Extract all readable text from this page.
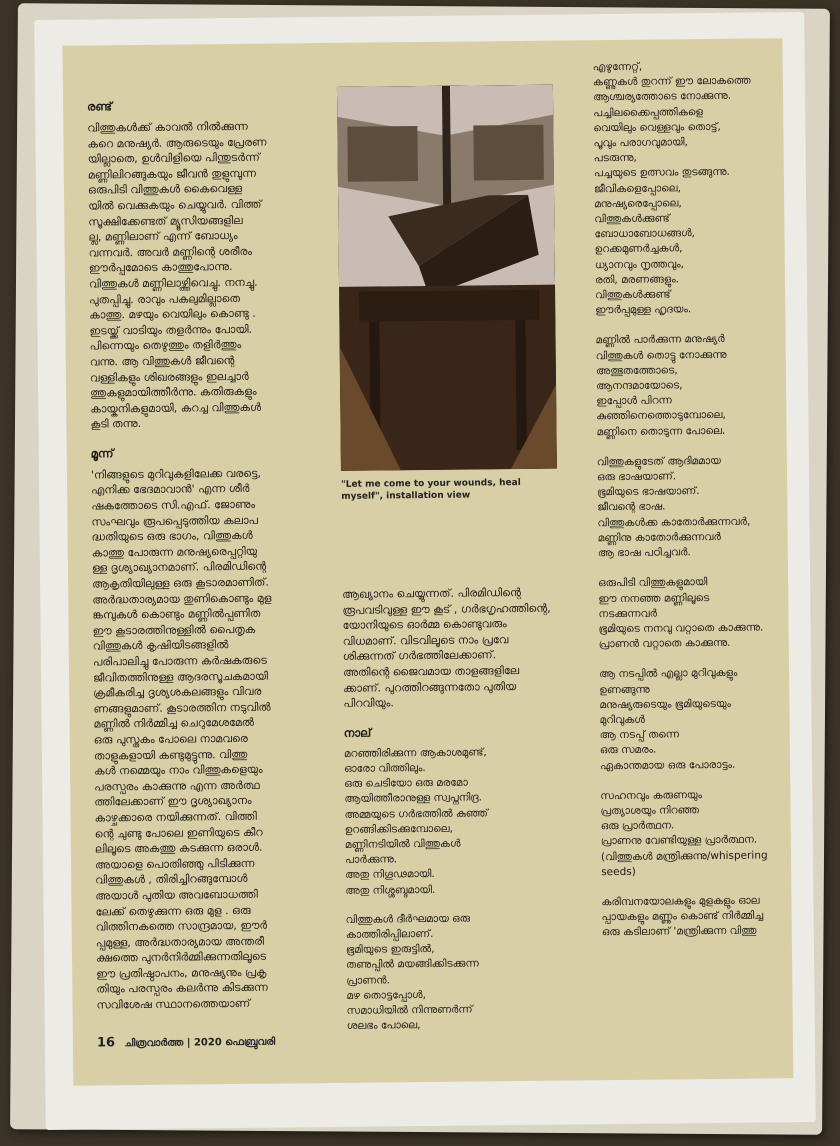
രണ്ട്

വിത്തുകൾക്ക് കാവൽ നിൽക്കുന്ന
കറെ മനുഷ്യർ. ആരുടെയും പ്രേരണ
യില്ലാതെ, ഉൾവിളിയെ പിന്തുടർന്ന്
മണ്ണിലിറങ്ങുകയും ജീവൻ തുളുമ്പുന്ന
ഒരുപിടി വിത്തുകൾ കൈവെള്ള
യിൽ വെക്കുകയും ചെയ്യുവർ. വിത്ത്
സൂക്ഷിക്കേണ്ടത് മ്യൂസിയങ്ങളില
ല്ല, മണ്ണിലാണ് എന്ന് ബോധ്യം
വന്നവർ. അവർ മണ്ണിന്റെ ശരീരം
ഈർപ്പമോടെ കാത്തുപോന്നു.
വിത്തുകൾ മണ്ണിലാഴ്ത്തിവെച്ചു. നനച്ചു.
പുതപ്പിച്ചു. രാവും പകലുമില്ലാതെ
കാത്തു. മഴയും വെയിലും കൊണ്ടു .
ഇടയ്ക്ക് വാടിയും തളർന്നും പോയി.
പിന്നെയും തെഴുത്തും തളിർത്തും
വന്നു. ആ വിത്തുകൾ ജീവന്റെ
വള്ളികളും ശിഖരങ്ങളും ഇലച്ചാർ
ത്തുകളുമായിത്തീർന്നു. കതിരുകളും
കായ്കനികളുമായി, കറച്ച വിത്തുകൾ
കൂടി തന്നു.

മൂന്ന്

'നിങ്ങളുടെ മുറിവുകളിലേക്ക വരട്ടെ,
എനിക്ക ഭേദമാവാൻ' എന്ന ശീർ
ഷകത്തോടെ സി.എഫ്. ജോണും
സംഘവും രൂപപ്പെടുത്തിയ കലാപ
ദ്ധതിയുടെ ഒരു ഭാഗം, വിത്തുകൾ
കാത്തു പോരുന്ന മനുഷ്യരെപ്പറ്റിയു
ള്ള ദൃശ്യാഖ്യാനമാണ്. പിരമിഡിന്റെ
ആകൃതിയിലുള്ള ഒരു കൂടാരമാണിത്.
അർദ്ധതാര്യമായ തുണികൊണ്ടും മുള
ങ്കമ്പുകൾ കൊണ്ടും മണ്ണിൽപ്പണിത
ഈ കൂടാരത്തിനുള്ളിൽ പൈതൃക
വിത്തുകൾ കൃഷിയിടങ്ങളിൽ
പരിപാലിച്ചു പോരുന്ന കർഷകരുടെ
ജീവിതത്തിനുള്ള ആദരസൂചകമായി
ക്രമീകരിച്ച ദൃശ്യശകലങ്ങളും വിവര
ണങ്ങളുമാണ്. കൂടാരത്തിന നടുവിൽ
മണ്ണിൽ നിർമ്മിച്ച ചെറുമേശമേൽ
ഒരു പുസ്തകം പോലെ നാമവരെ
താളുകളായി കണ്ടുമുട്ടുന്നു. വിത്തു
കൾ നമ്മെയും നാം വിത്തുകളെയും
പരസ്പരം കാക്കുന്നു എന്ന അർത്ഥ
ത്തിലേക്കാണ് ഈ ദൃശ്യാഖ്യാനം
കാഴ്ചക്കാരെ നയിക്കുന്നത്. വിത്തി
ന്റെ ചുണ്ടു പോലെ ഇണിയുടെ കീറ
ലിലൂടെ അകത്തു കടക്കുന്ന ഒരാൾ.
അയാളെ പൊതിഞ്ഞു പിടിക്കുന്ന
വിത്തുകൾ , തിരിച്ചിറങ്ങുമ്പോൾ
അയാൾ പുതിയ അവബോധത്തി
ലേക്ക് തെഴുക്കുന്ന ഒരു മുള . ഒരു
വിത്തിനകത്തെ സാന്ദ്രമായ, ഈർ
പ്പമുള്ള, അർദ്ധതാര്യമായ അന്തരീ
ക്ഷത്തെ പുനർനിർമ്മിക്കുന്നതിലൂടെ
ഈ പ്രതിഷ്ഠാപനം, മനുഷ്യനും പ്രകൃ
തിയും പരസ്പരം കലർന്നു കിടക്കുന്ന
സവിശേഷ സ്ഥാനത്തെയാണ്

"Let me come to your wounds, heal myself", installation view

ആഖ്യാനം ചെയ്യുന്നത്. പിരമിഡിന്റെ
രൂപവടിവുള്ള ഈ കൂട് , ഗർഭഗൃഹത്തിന്റെ,
യോനിയുടെ ഓർമ്മ കൊണ്ടുവരും
വിധമാണ്. വിടവിലൂടെ നാം പ്രവേ
ശിക്കുന്നത് ഗർഭത്തിലേക്കാണ്.
അതിന്റെ ജൈവമായ താളങ്ങളിലേ
ക്കാണ്. പുറത്തിറങ്ങുന്നതോ പുതിയ
പിറവിയും.

നാല്

മറഞ്ഞിരിക്കുന്ന ആകാശമുണ്ട്,
ഓരോ വിത്തിലും.
ഒരു ചെടിയോ ഒരു മരമോ
ആയിത്തീരാനുള്ള സ്വപ്നനിദ്ര.
അമ്മയുടെ ഗർഭത്തിൽ കുഞ്ഞ്
ഉറങ്ങിക്കിടക്കുമ്പോലെ,
മണ്ണിനടിയിൽ വിത്തുകൾ
പാർക്കുന്നു.
അതു നിഗൂഢമായി.
അതു നിശ്ശബ്ദമായി.

വിത്തുകൾ ദീർഘമായ ഒരു
കാത്തിരിപ്പിലാണ്.
ഭൂമിയുടെ ഇരുട്ടിൽ,
തണുപ്പിൽ മയങ്ങിക്കിടക്കുന്ന
പ്രാണൻ.
മഴ തൊട്ടപ്പോൾ,
സമാധിയിൽ നിന്നുണർന്ന്
ശലഭം പോലെ,

എഴുന്നേറ്റ്,
കണ്ണുകൾ തുറന്ന് ഈ ലോകത്തെ
ആശ്ചര്യത്തോടെ നോക്കുന്നു.
പച്ചിലക്കൈപ്പത്തികളെ
വെയിലും വെള്ളവും തൊട്ട്,
പൂവും പരാഗവുമായി,
പടരുന്നു,
പച്ചയുടെ ഉത്സവം തുടങ്ങുന്നു.
ജീവികളെപ്പോലെ,
മനുഷ്യരെപ്പോലെ,
വിത്തുകൾക്കുണ്ട്
ബോധാബോധങ്ങൾ,
ഉറക്കമുണർച്ചകൾ,
ധ്യാനവും നൃത്തവും,
രതി, മരണങ്ങളും.
വിത്തുകൾക്കുണ്ട്
ഈർപ്പമുള്ള ഹൃദയം.

മണ്ണിൽ പാർക്കുന്ന മനുഷ്യർ
വിത്തുകൾ തൊട്ടു നോക്കുന്നു
അത്ഭുതത്തോടെ,
ആനന്ദമായോടെ,
ഇപ്പോൾ പിറന്ന
കുഞ്ഞിനെത്തൊടുമ്പോലെ,
മണ്ണിനെ തൊടുന്ന പോലെ.

വിത്തുകളുടേത് ആദിമമായ
ഒരു ഭാഷയാണ്.
ഭൂമിയുടെ ഭാഷയാണ്.
ജീവന്റെ ഭാഷ.
വിത്തുകൾക്ക കാതോർക്കുന്നവർ,
മണ്ണിനു കാതോർക്കുന്നവർ
ആ ഭാഷ പഠിച്ചവർ.

ഒരുപിടി വിത്തുകളുമായി
ഈ നനഞ്ഞ മണ്ണിലൂടെ
നടക്കുന്നവർ
ഭൂമിയുടെ നനവു വറ്റാതെ കാക്കുന്നു.
പ്രാണൻ വറ്റാതെ കാക്കുന്നു.

ആ നടപ്പിൽ എല്ലാ മുറിവുകളും
ഉണങ്ങുന്നു
മനുഷ്യരുടെയും ഭൂമിയുടെയും
മുറിവുകൾ
ആ നടപ്പ് തന്നെ
ഒരു സമരം.
ഏകാന്തമായ ഒരു പോരാട്ടം.

സഹനവും കരുണയും
പ്രത്യാശയും നിറഞ്ഞ
ഒരു പ്രാർത്ഥന.
പ്രാണനു വേണ്ടിയുള്ള പ്രാർത്ഥന.
(വിത്തുകൾ മന്ത്രിക്കുന്നു/whispering
seeds)

കരിമ്പനയോലകളും മുളകളും ഓല
പ്പായകളും മണ്ണും കൊണ്ട് നിർമ്മിച്ച
ഒരു കടിലാണ് 'മന്ത്രിക്കുന്ന വിത്തു

16 ചിത്രവാർത്ത | 2020 ഫെബ്രുവരി
